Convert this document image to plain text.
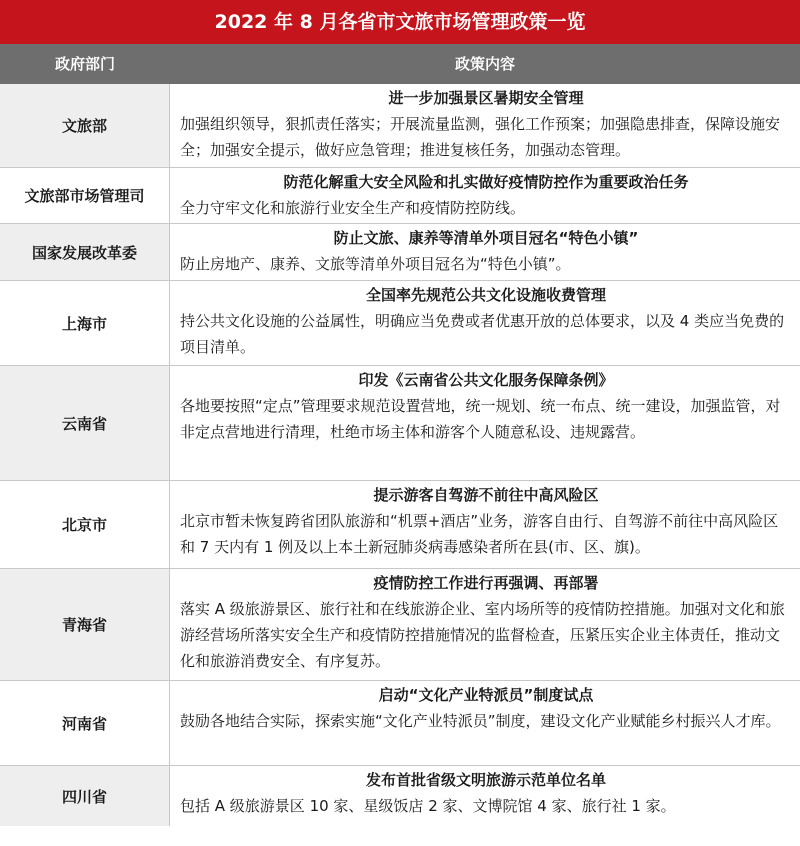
2022 年 8 月各省市文旅市场管理政策一览
政府部门	政策内容
文旅部
进一步加强景区暑期安全管理
加强组织领导，狠抓责任落实；开展流量监测，强化工作预案；加强隐患排查，保障设施安全；加强安全提示，做好应急管理；推进复核任务，加强动态管理。
文旅部市场管理司
防范化解重大安全风险和扎实做好疫情防控作为重要政治任务
全力守牢文化和旅游行业安全生产和疫情防控防线。
国家发展改革委
防止文旅、康养等清单外项目冠名“特色小镇”
防止房地产、康养、文旅等清单外项目冠名为“特色小镇”。
上海市
全国率先规范公共文化设施收费管理
持公共文化设施的公益属性，明确应当免费或者优惠开放的总体要求，以及 4 类应当免费的项目清单。
云南省
印发《云南省公共文化服务保障条例》
各地要按照“定点”管理要求规范设置营地，统一规划、统一布点、统一建设，加强监管，对非定点营地进行清理，杜绝市场主体和游客个人随意私设、违规露营。
北京市
提示游客自驾游不前往中高风险区
北京市暂未恢复跨省团队旅游和“机票+酒店”业务，游客自由行、自驾游不前往中高风险区和 7 天内有 1 例及以上本土新冠肺炎病毒感染者所在县(市、区、旗)。
青海省
疫情防控工作进行再强调、再部署
落实 A 级旅游景区、旅行社和在线旅游企业、室内场所等的疫情防控措施。加强对文化和旅游经营场所落实安全生产和疫情防控措施情况的监督检查，压紧压实企业主体责任，推动文化和旅游消费安全、有序复苏。
河南省
启动“文化产业特派员”制度试点
鼓励各地结合实际，探索实施“文化产业特派员”制度，建设文化产业赋能乡村振兴人才库。
四川省
发布首批省级文明旅游示范单位名单
包括 A 级旅游景区 10 家、星级饭店 2 家、文博院馆 4 家、旅行社 1 家。
